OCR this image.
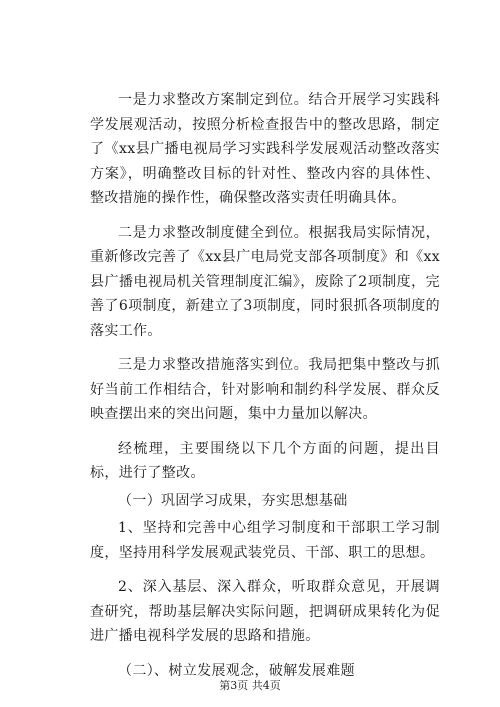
一是力求整改方案制定到位。结合开展学习实践科学发展观活动，按照分析检查报告中的整改思路，制定了《xx县广播电视局学习实践科学发展观活动整改落实方案》，明确整改目标的针对性、整改内容的具体性、整改措施的操作性，确保整改落实责任明确具体。

二是力求整改制度健全到位。根据我局实际情况，重新修改完善了《xx县广电局党支部各项制度》和《xx县广播电视局机关管理制度汇编》，废除了2项制度，完善了6项制度，新建立了3项制度，同时狠抓各项制度的落实工作。

三是力求整改措施落实到位。我局把集中整改与抓好当前工作相结合，针对影响和制约科学发展、群众反映查摆出来的突出问题，集中力量加以解决。

经梳理，主要围绕以下几个方面的问题，提出目标，进行了整改。

（一）巩固学习成果，夯实思想基础

1、坚持和完善中心组学习制度和干部职工学习制度，坚持用科学发展观武装党员、干部、职工的思想。

2、深入基层、深入群众，听取群众意见，开展调查研究，帮助基层解决实际问题，把调研成果转化为促进广播电视科学发展的思路和措施。

（二）、树立发展观念，破解发展难题

第3页 共4页
